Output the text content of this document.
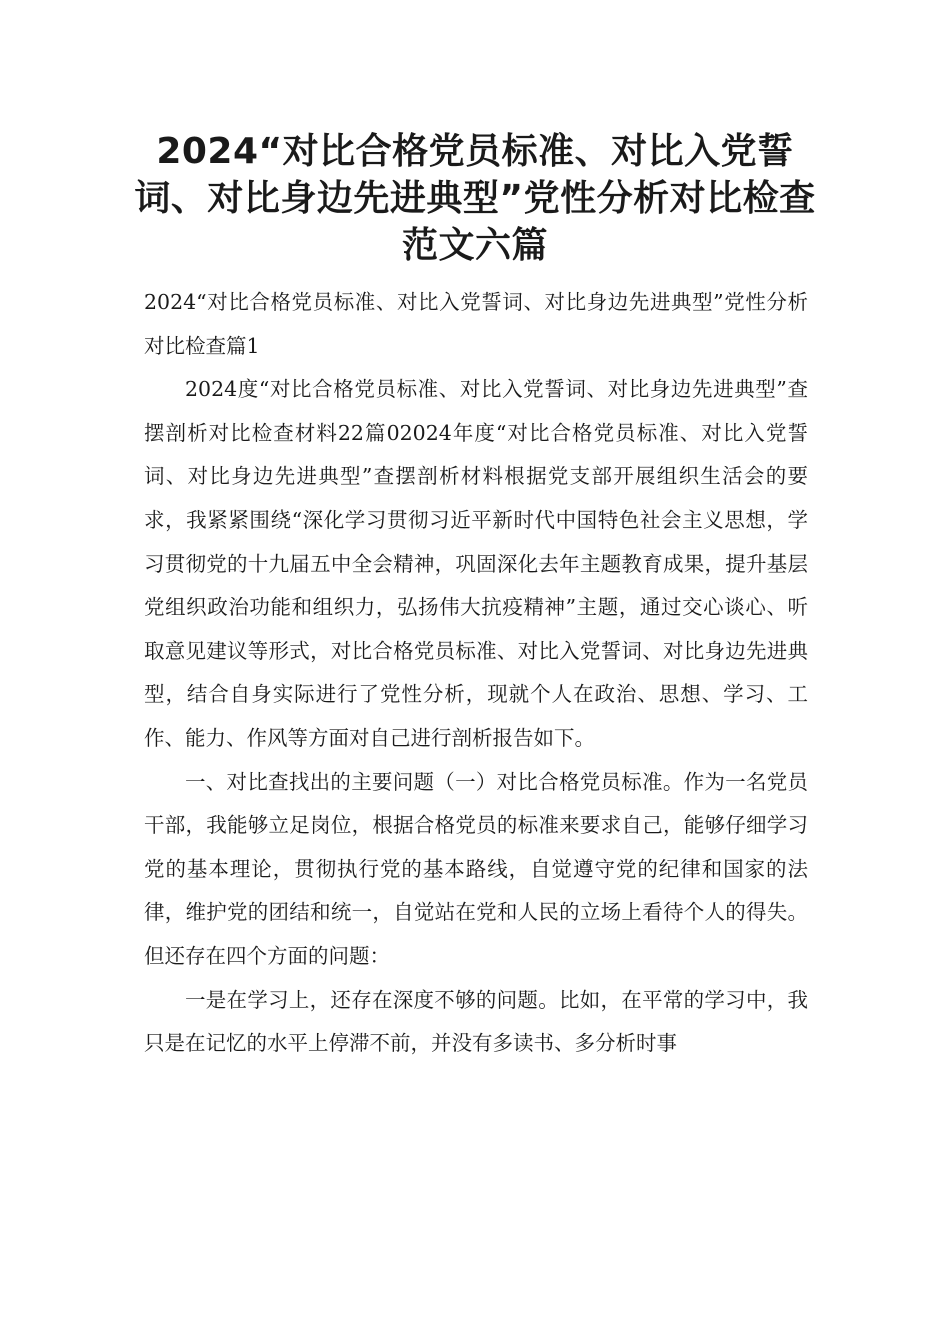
2024“对比合格党员标准、对比入党誓词、对比身边先进典型”党性分析对比检查范文六篇

2024“对比合格党员标准、对比入党誓词、对比身边先进典型”党性分析对比检查篇1

2024度“对比合格党员标准、对比入党誓词、对比身边先进典型”查摆剖析对比检查材料22篇02024年度“对比合格党员标准、对比入党誓词、对比身边先进典型”查摆剖析材料根据党支部开展组织生活会的要求，我紧紧围绕“深化学习贯彻习近平新时代中国特色社会主义思想，学习贯彻党的十九届五中全会精神，巩固深化去年主题教育成果，提升基层党组织政治功能和组织力，弘扬伟大抗疫精神”主题，通过交心谈心、听取意见建议等形式，对比合格党员标准、对比入党誓词、对比身边先进典型，结合自身实际进行了党性分析，现就个人在政治、思想、学习、工作、能力、作风等方面对自己进行剖析报告如下。

一、对比查找出的主要问题（一）对比合格党员标准。作为一名党员干部，我能够立足岗位，根据合格党员的标准来要求自己，能够仔细学习党的基本理论，贯彻执行党的基本路线，自觉遵守党的纪律和国家的法律，维护党的团结和统一，自觉站在党和人民的立场上看待个人的得失。但还存在四个方面的问题：

一是在学习上，还存在深度不够的问题。比如，在平常的学习中，我只是在记忆的水平上停滞不前，并没有多读书、多分析时事
